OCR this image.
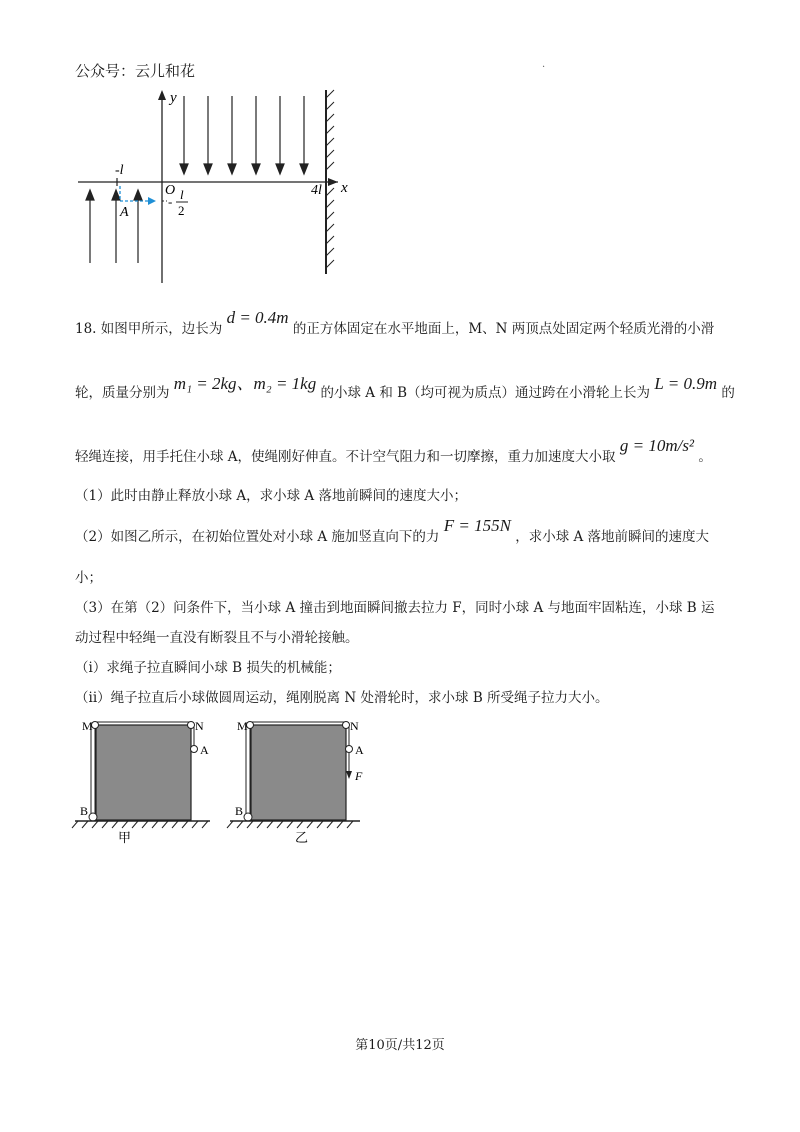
公众号：云儿和花	·
y
x
O	4l
-l
A
- l
2
18. 如图甲所示，边长为 d = 0.4m 的正方体固定在水平地面上，M、N 两顶点处固定两个轻质光滑的小滑
轮，质量分别为 m₁ = 2kg、m₂ = 1kg 的小球 A 和 B（均可视为质点）通过跨在小滑轮上长为 L = 0.9m 的
轻绳连接，用手托住小球 A，使绳刚好伸直。不计空气阻力和一切摩擦，重力加速度大小取 g = 10m/s² 。
（1）此时由静止释放小球 A，求小球 A 落地前瞬间的速度大小；
（2）如图乙所示，在初始位置处对小球 A 施加竖直向下的力 F = 155N ，求小球 A 落地前瞬间的速度大
小；
（3）在第（2）问条件下，当小球 A 撞击到地面瞬间撤去拉力 F，同时小球 A 与地面牢固粘连，小球 B 运
动过程中轻绳一直没有断裂且不与小滑轮接触。
（i）求绳子拉直瞬间小球 B 损失的机械能；
（ii）绳子拉直后小球做圆周运动，绳刚脱离 N 处滑轮时，求小球 B 所受绳子拉力大小。
M	N
A
B
甲
M	N
A
F
B
乙
第10页/共12页
